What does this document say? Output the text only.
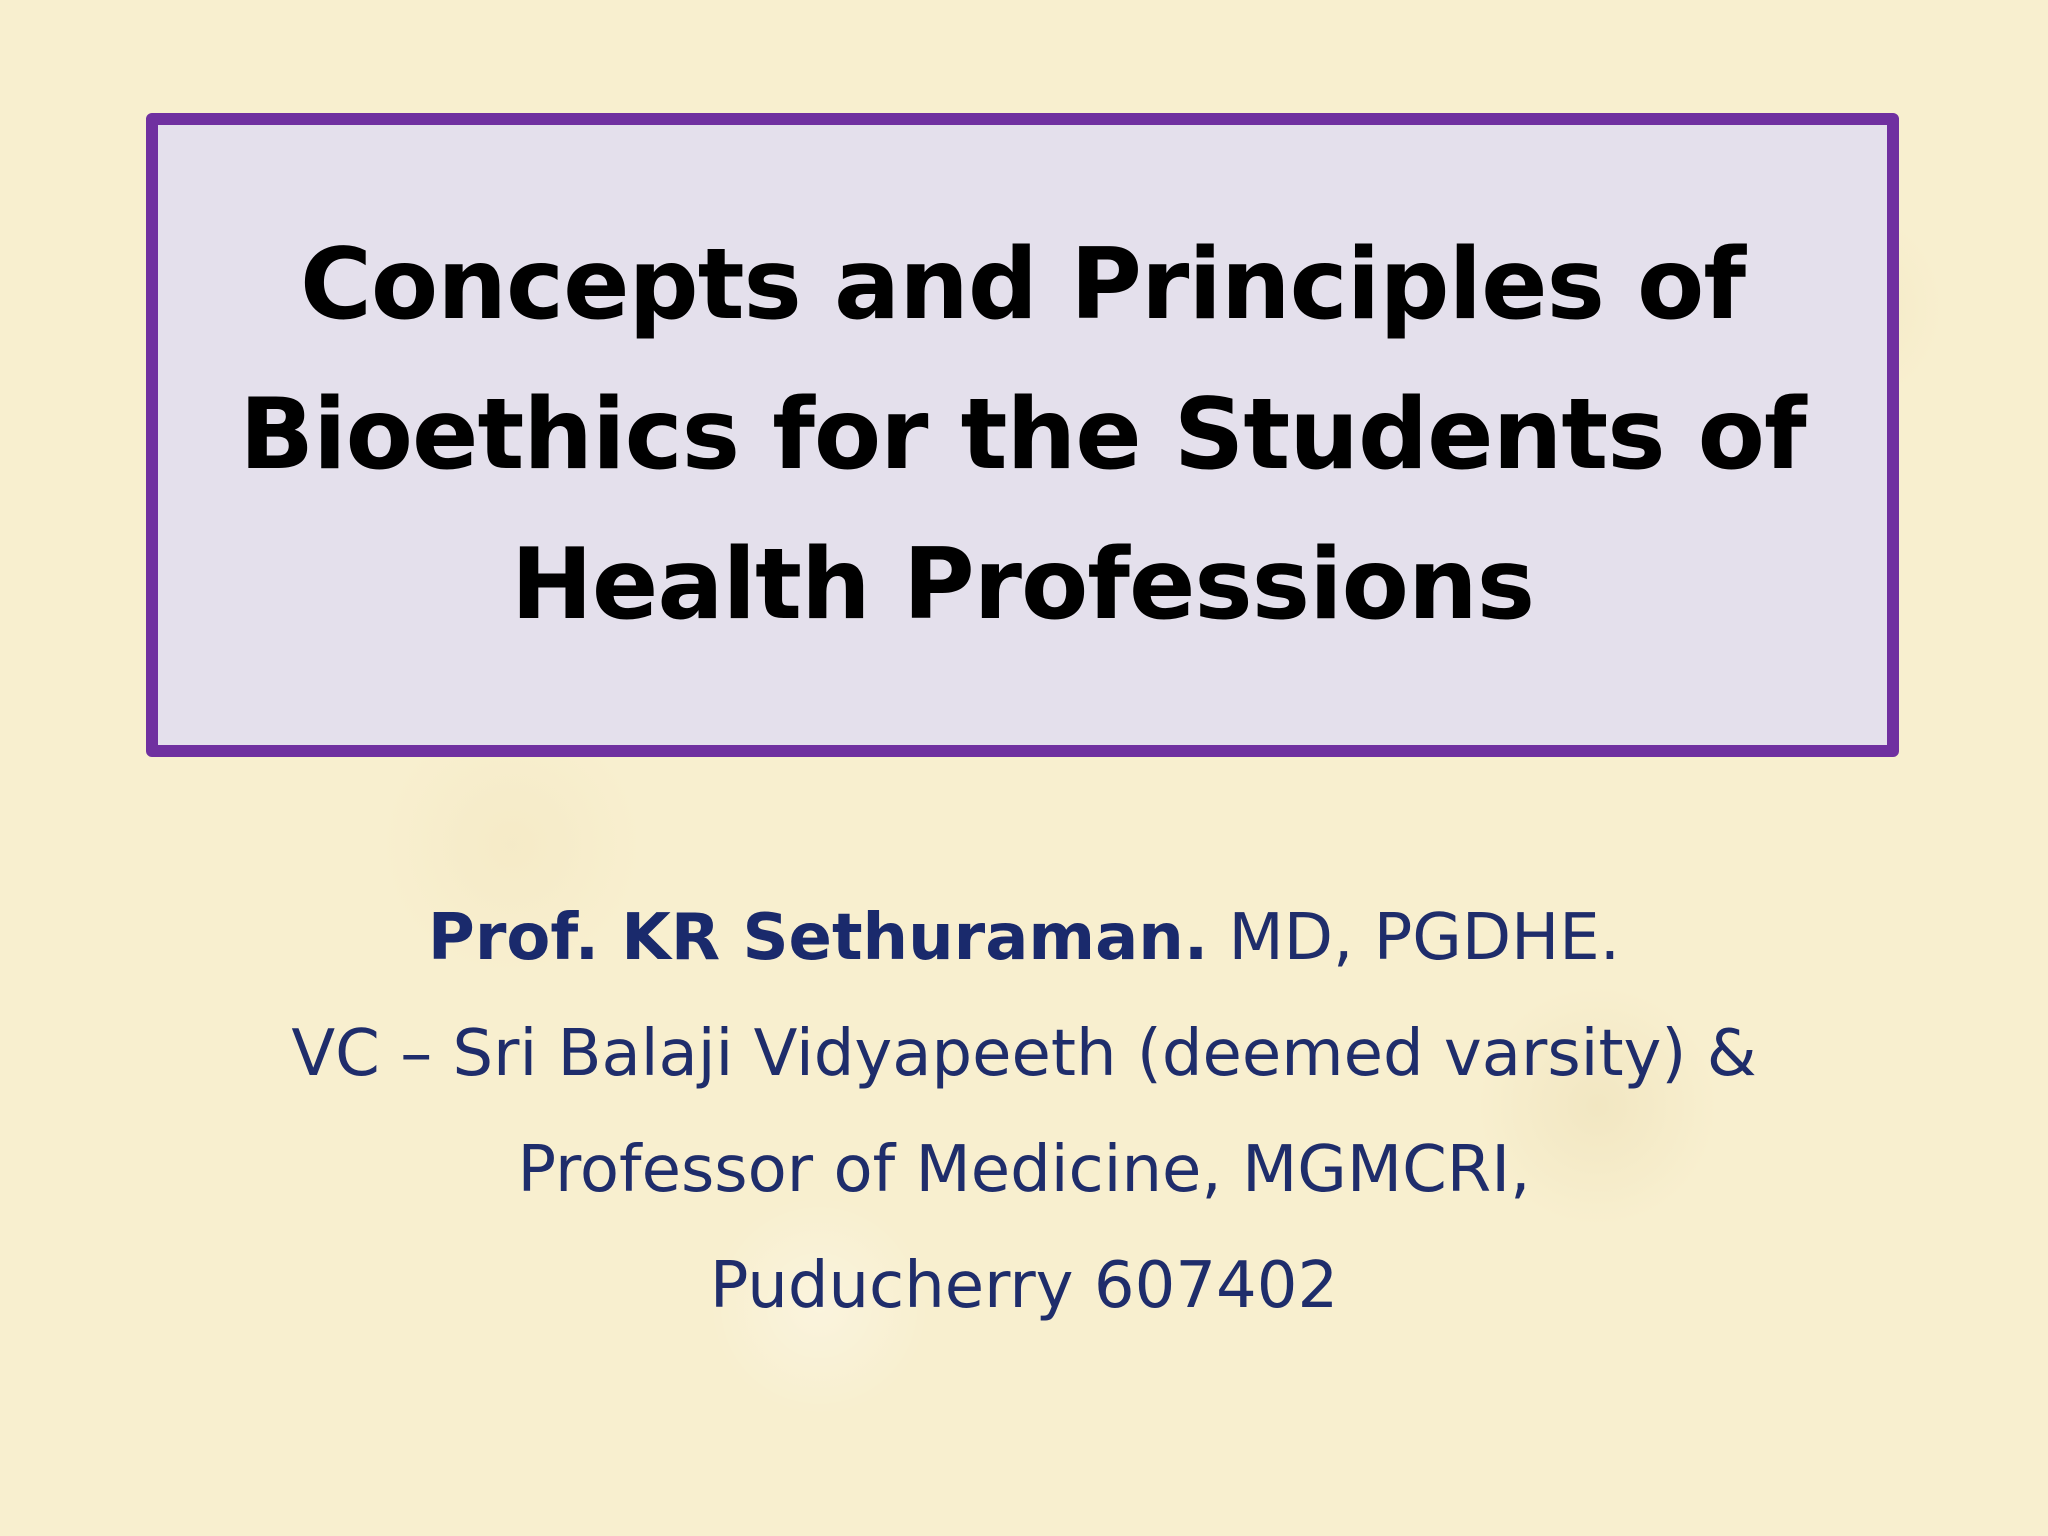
Concepts and Principles of
Bioethics for the Students of
Health Professions
Prof. KR Sethuraman. MD, PGDHE.
VC – Sri Balaji Vidyapeeth (deemed varsity) &
Professor of Medicine, MGMCRI,
Puducherry 607402
